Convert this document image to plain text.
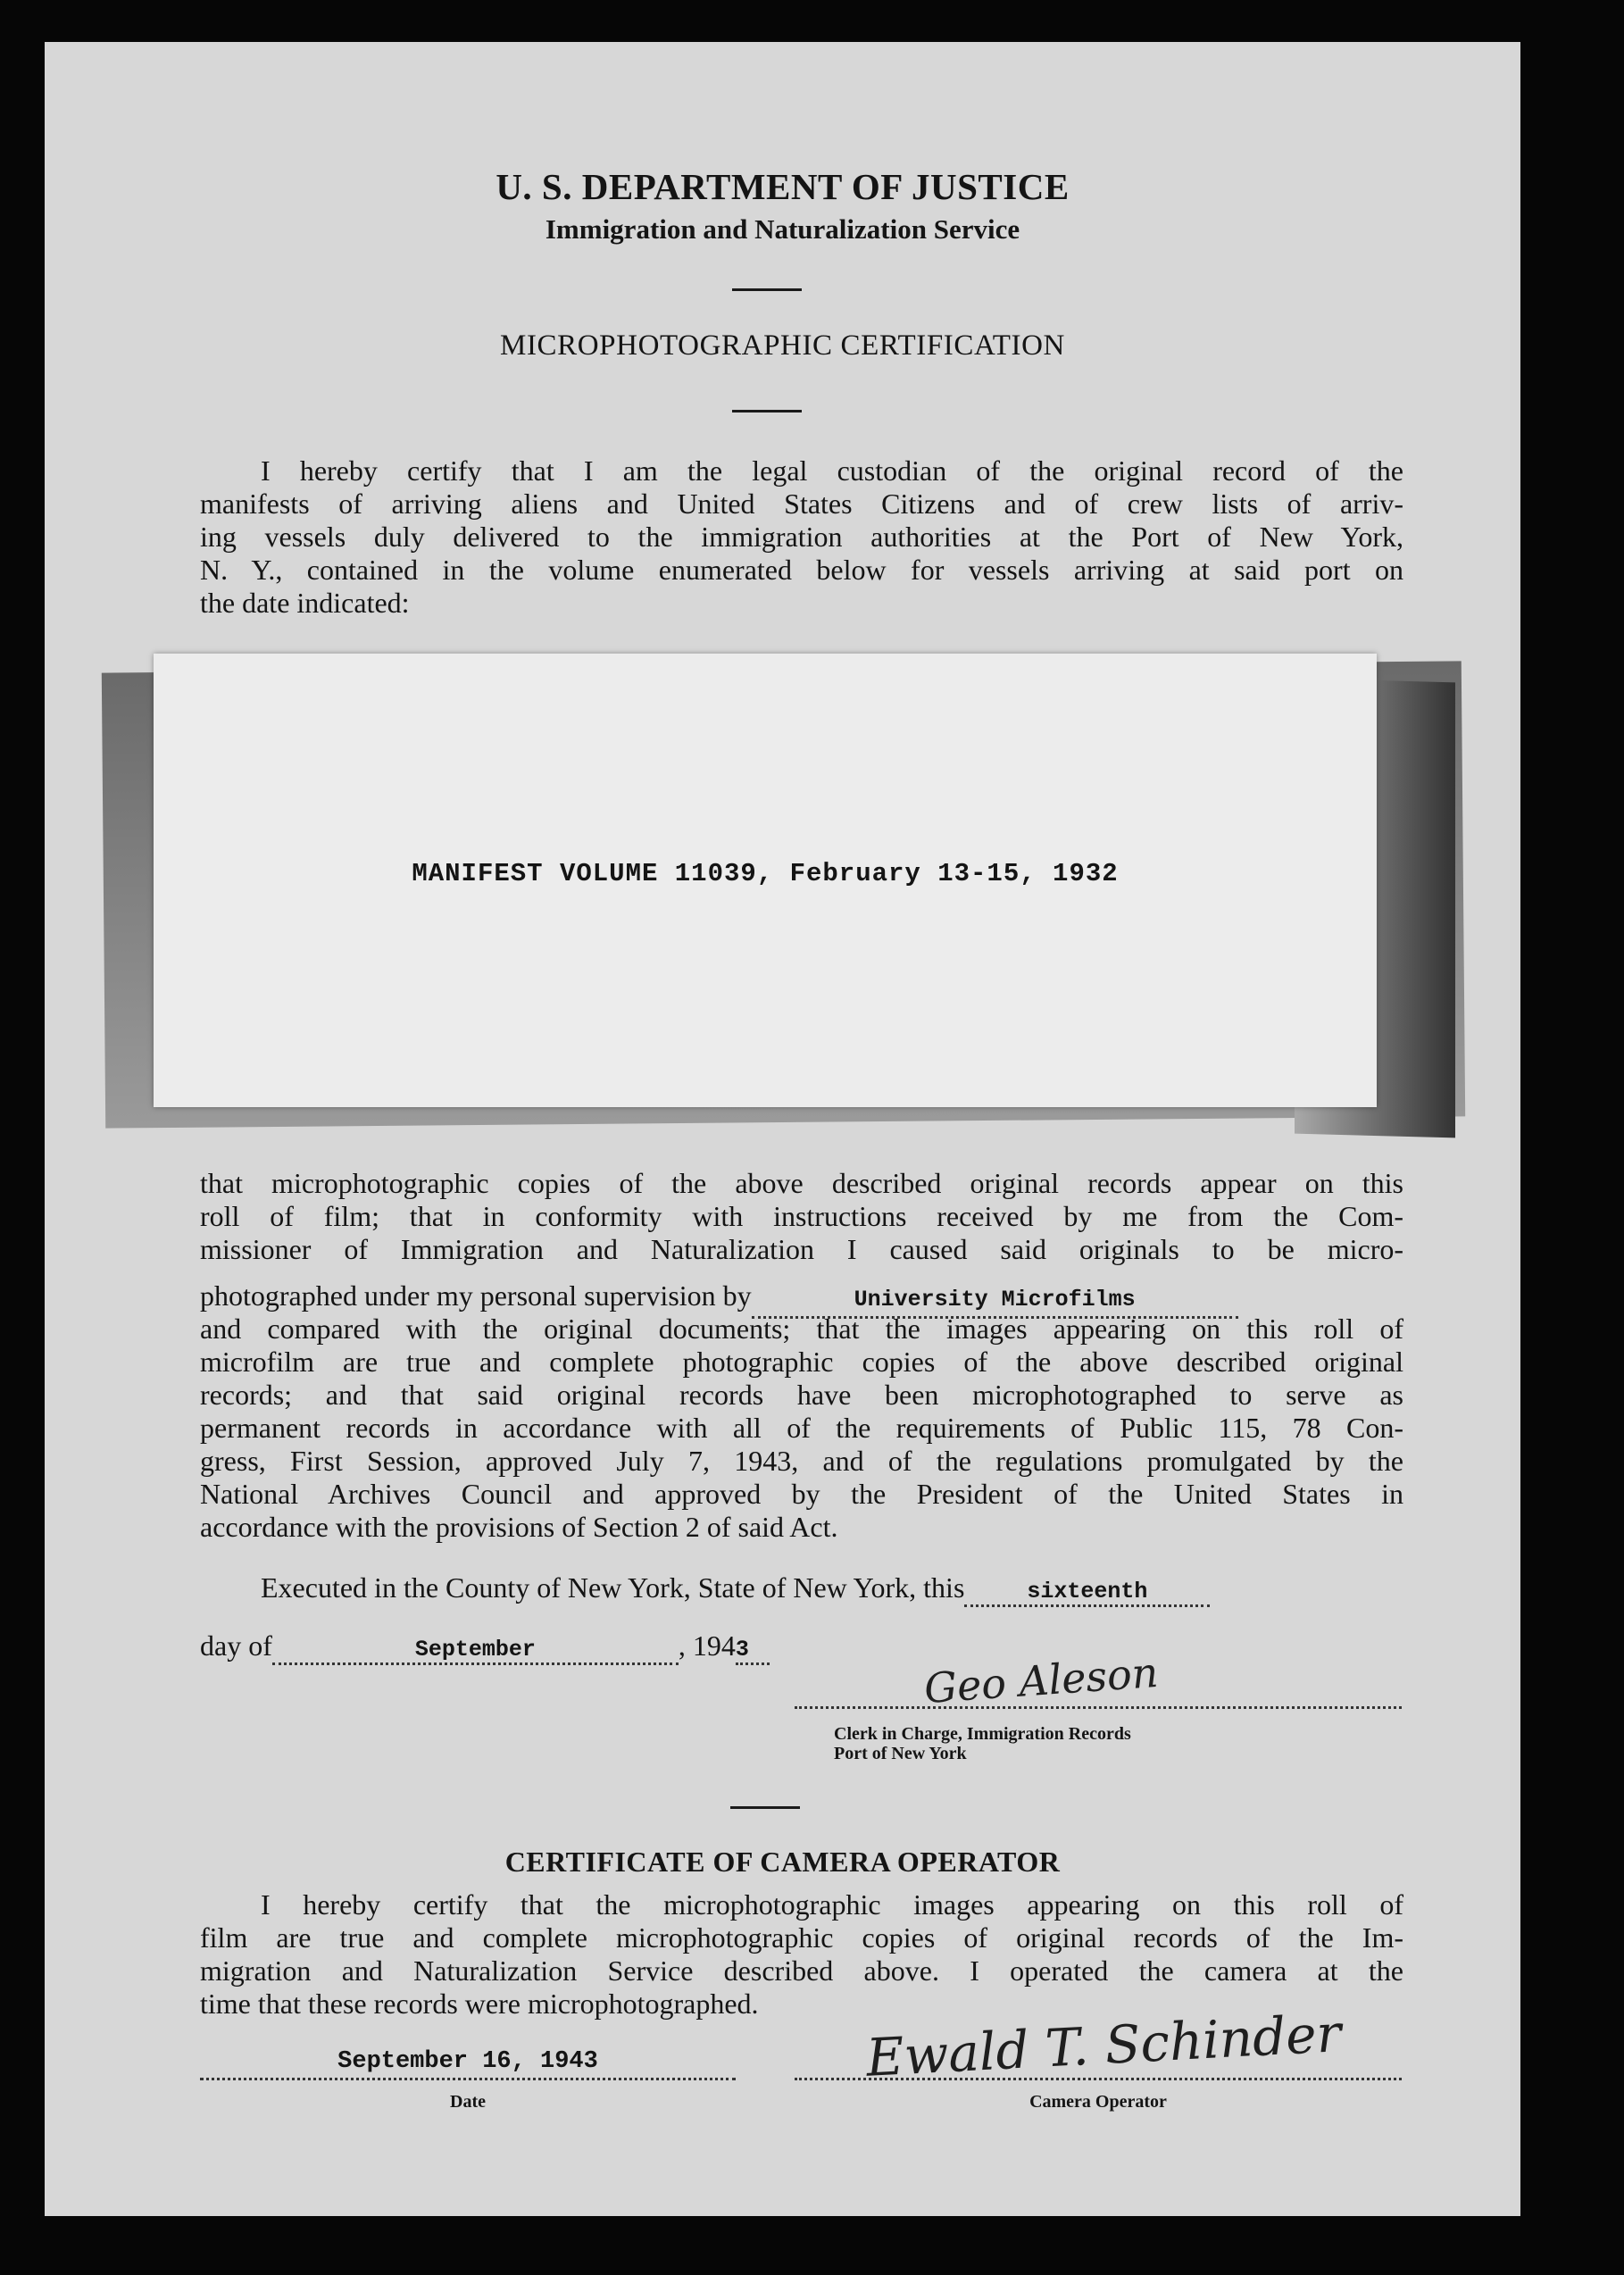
U. S. DEPARTMENT OF JUSTICE
Immigration and Naturalization Service
MICROPHOTOGRAPHIC CERTIFICATION
I hereby certify that I am the legal custodian of the original record of the
manifests of arriving aliens and United States Citizens and of crew lists of arriv-
ing vessels duly delivered to the immigration authorities at the Port of New York,
N. Y., contained in the volume enumerated below for vessels arriving at said port on
the date indicated:
MANIFEST VOLUME 11039, February 13-15, 1932
that microphotographic copies of the above described original records appear on this
roll of film; that in conformity with instructions received by me from the Com-
missioner of Immigration and Naturalization I caused said originals to be micro-
photographed under my personal supervision by	University Microfilms
and compared with the original documents; that the images appearing on this roll of
microfilm are true and complete photographic copies of the above described original
records; and that said original records have been microphotographed to serve as
permanent records in accordance with all of the requirements of Public 115, 78 Con-
gress, First Session, approved July 7, 1943, and of the regulations promulgated by the
National Archives Council and approved by the President of the United States in
accordance with the provisions of Section 2 of said Act.
Executed in the County of New York, State of New York, this	sixteenth
day of	September	, 1943	Geo Aleson
Clerk in Charge, Immigration Records
Port of New York
CERTIFICATE OF CAMERA OPERATOR
I hereby certify that the microphotographic images appearing on this roll of
film are true and complete microphotographic copies of original records of the Im-
migration and Naturalization Service described above. I operated the camera at the
time that these records were microphotographed.
September 16, 1943
Date
Ewald T. Schinder
Camera Operator
